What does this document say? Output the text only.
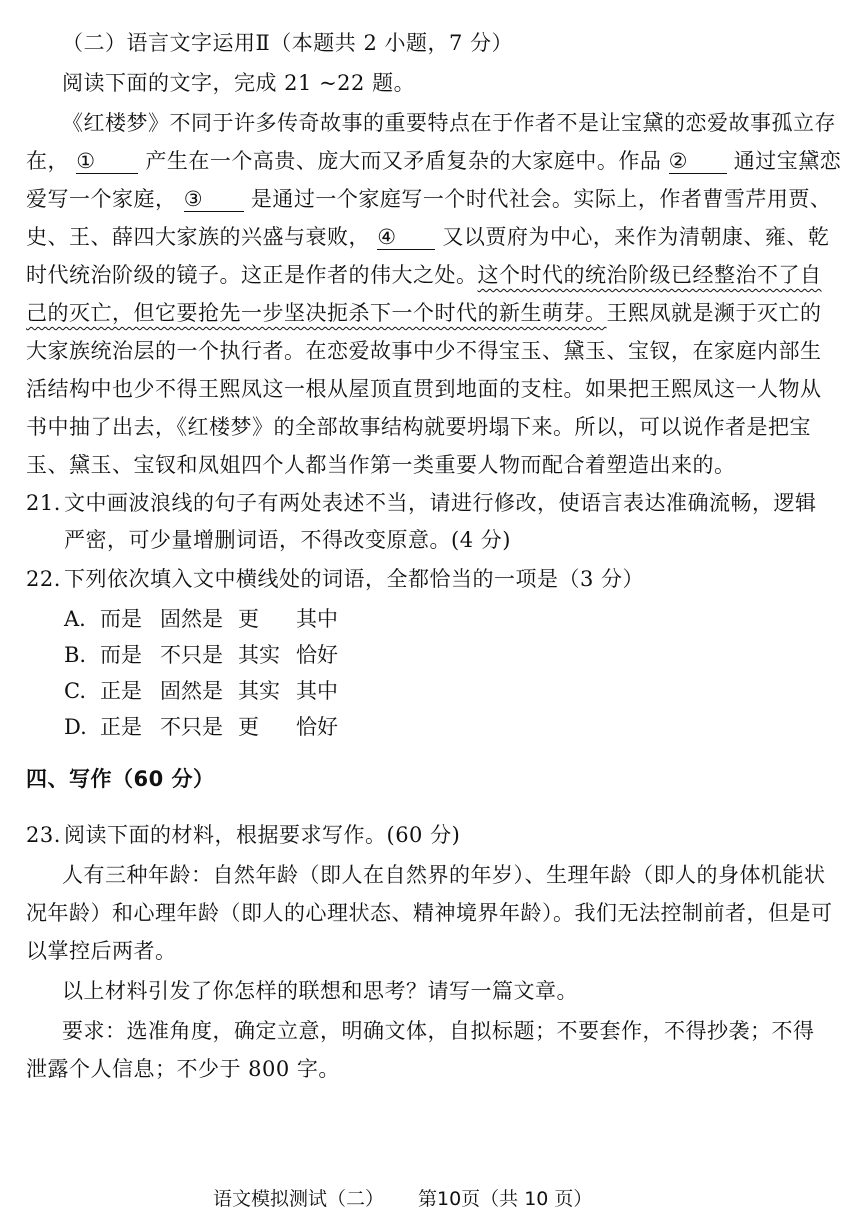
（二）语言文字运用Ⅱ（本题共 2 小题，7 分）
阅读下面的文字，完成 21 ~22 题。
《红楼梦》不同于许多传奇故事的重要特点在于作者不是让宝黛的恋爱故事孤立存
在， ① 产生在一个高贵、庞大而又矛盾复杂的大家庭中。作品 ② 通过宝黛恋
爱写一个家庭， ③ 是通过一个家庭写一个时代社会。实际上，作者曹雪芹用贾、
史、王、薛四大家族的兴盛与衰败， ④ 又以贾府为中心，来作为清朝康、雍、乾
时代统治阶级的镜子。这正是作者的伟大之处。这个时代的统治阶级已经整治不了自
己的灭亡，但它要抢先一步坚决扼杀下一个时代的新生萌芽。王熙凤就是濒于灭亡的
大家族统治层的一个执行者。在恋爱故事中少不得宝玉、黛玉、宝钗，在家庭内部生
活结构中也少不得王熙凤这一根从屋顶直贯到地面的支柱。如果把王熙凤这一人物从
书中抽了出去，《红楼梦》的全部故事结构就要坍塌下来。所以，可以说作者是把宝
玉、黛玉、宝钗和凤姐四个人都当作第一类重要人物而配合着塑造出来的。
21. 文中画波浪线的句子有两处表述不当，请进行修改，使语言表达准确流畅，逻辑
严密，可少量增删词语，不得改变原意。(4 分)
22. 下列依次填入文中横线处的词语，全都恰当的一项是（3 分）
A. 而是 固然是 更 其中
B. 而是 不只是 其实 恰好
C. 正是 固然是 其实 其中
D. 正是 不只是 更 恰好
四、写作（60 分）
23. 阅读下面的材料，根据要求写作。(60 分)
人有三种年龄：自然年龄（即人在自然界的年岁）、生理年龄（即人的身体机能状
况年龄）和心理年龄（即人的心理状态、精神境界年龄）。我们无法控制前者，但是可
以掌控后两者。
以上材料引发了你怎样的联想和思考？请写一篇文章。
要求：选准角度，确定立意，明确文体，自拟标题；不要套作，不得抄袭；不得
泄露个人信息；不少于 800 字。
语文模拟测试（二） 第10页（共 10 页）
